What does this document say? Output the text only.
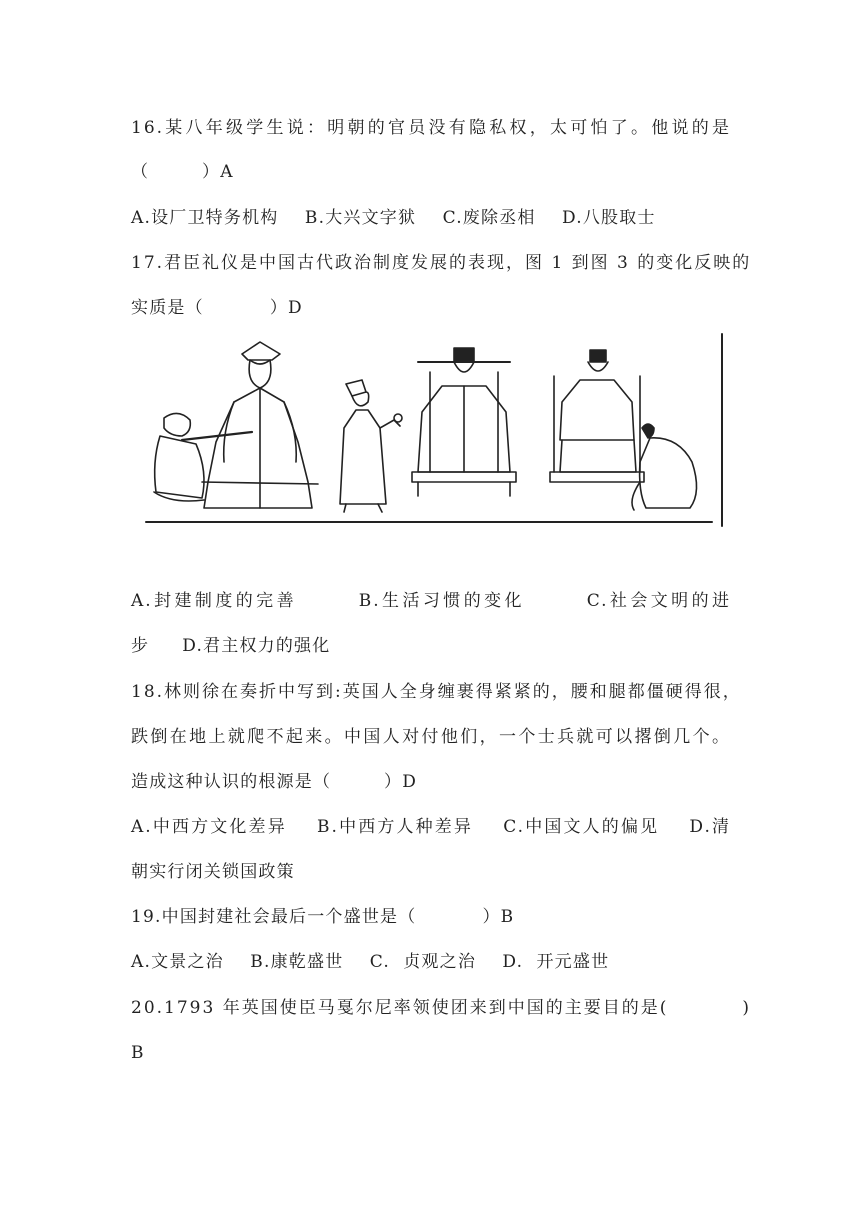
16.某八年级学生说：明朝的官员没有隐私权，太可怕了。他说的是
（        ）A
A.设厂卫特务机构    B.大兴文字狱    C.废除丞相    D.八股取士
17.君臣礼仪是中国古代政治制度发展的表现，图 1 到图 3 的变化反映的
实质是（          ）D
A.封建制度的完善       B.生活习惯的变化       C.社会文明的进
步     D.君主权力的强化
18.林则徐在奏折中写到:英国人全身缠裹得紧紧的，腰和腿都僵硬得很，
跌倒在地上就爬不起来。中国人对付他们，一个士兵就可以撂倒几个。
造成这种认识的根源是（        ）D
A.中西方文化差异    B.中西方人种差异    C.中国文人的偏见    D.清
朝实行闭关锁国政策
19.中国封建社会最后一个盛世是（          ）B
A.文景之治    B.康乾盛世    C.  贞观之治    D.  开元盛世
20.1793 年英国使臣马戛尔尼率领使团来到中国的主要目的是(          )
B
